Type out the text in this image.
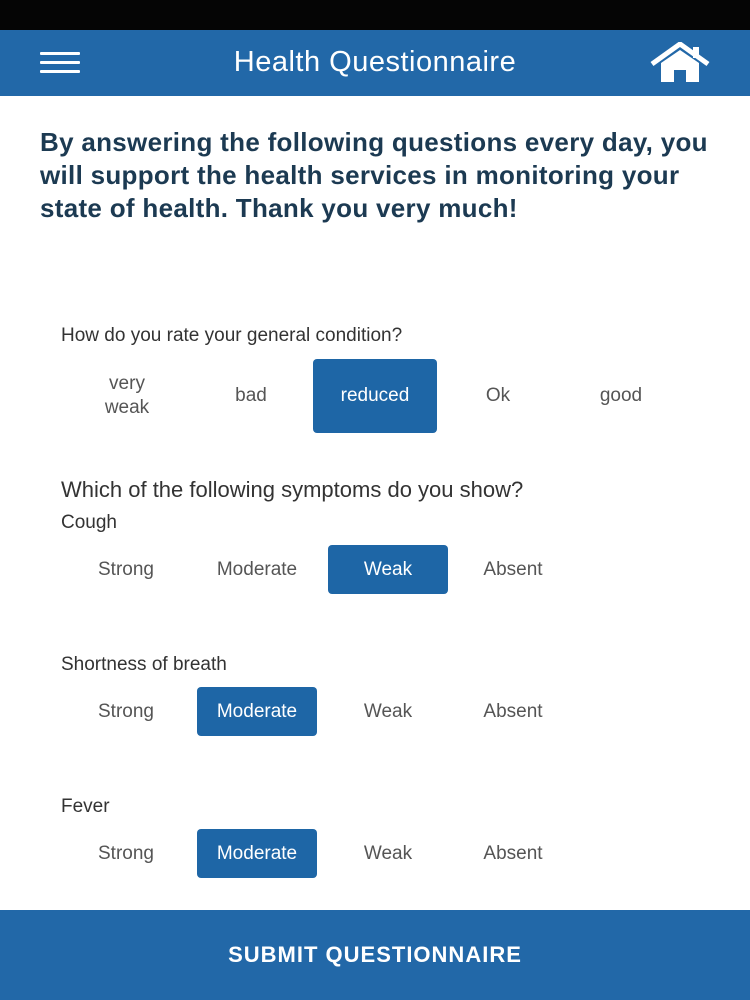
Health Questionnaire
By answering the following questions every day, you will support the health services in monitoring your state of health. Thank you very much!
How do you rate your general condition?
very weak
bad	reduced	Ok	good
Which of the following symptoms do you show?
Cough
Strong	Moderate	Weak	Absent
Shortness of breath
Strong	Moderate	Weak	Absent
Fever
Strong	Moderate	Weak	Absent
SUBMIT QUESTIONNAIRE
